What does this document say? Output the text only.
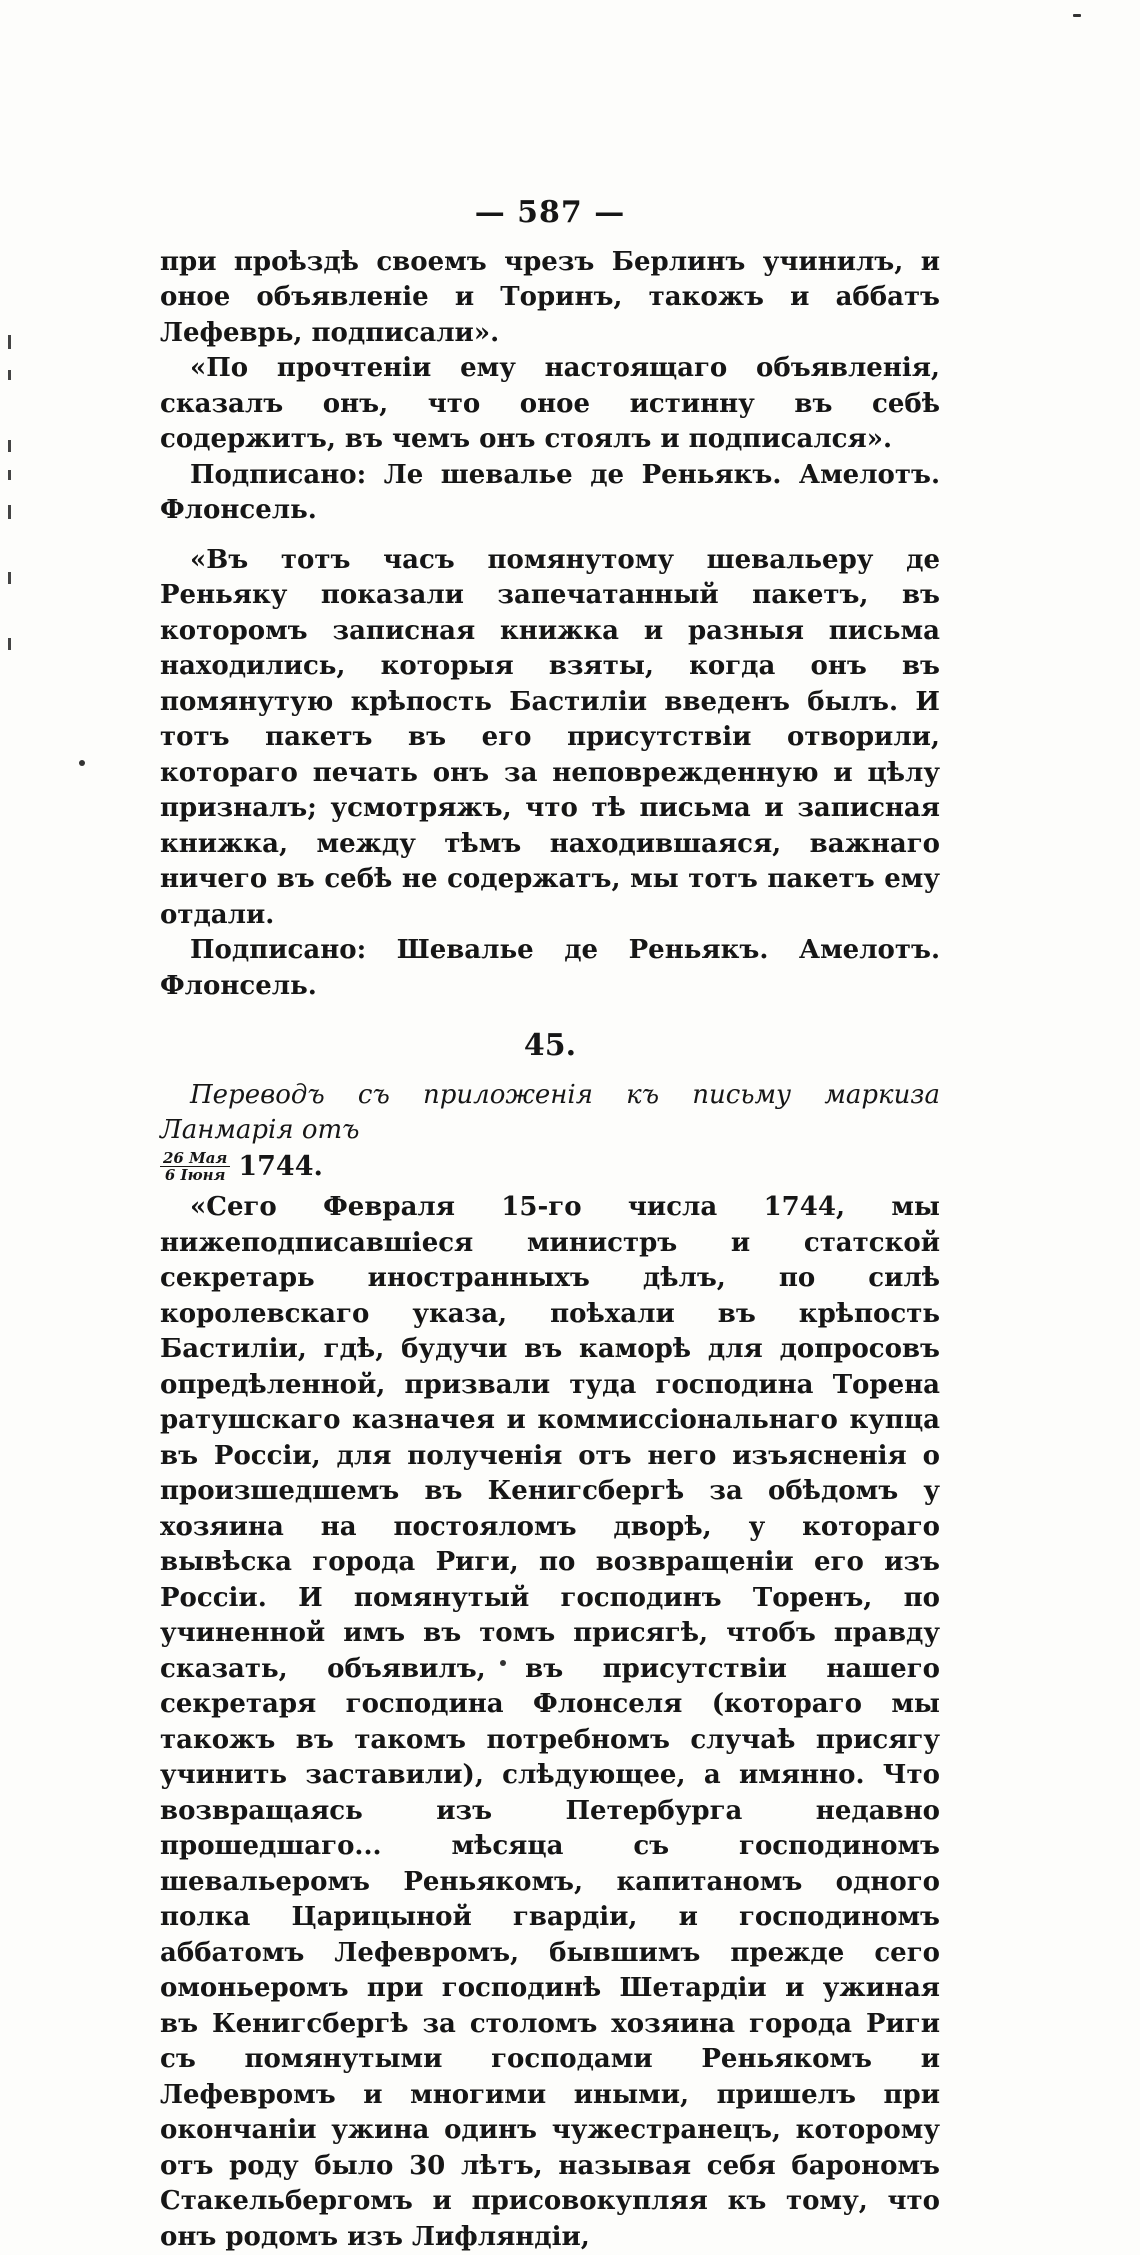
— 587 —

при проѣздѣ своемъ чрезъ Берлинъ учинилъ, и оное объявленіе и Торинъ, такожъ и аббатъ Лефеврь, подписали».

«По прочтеніи ему настоящаго объявленія, сказалъ онъ, что оное истинну въ себѣ содержитъ, въ чемъ онъ стоялъ и подписался».

Подписано: Ле шевалье де Реньякъ. Амелотъ. Флонсель.

«Въ тотъ часъ помянутому шевальеру де Реньяку показали запечатанный пакетъ, въ которомъ записная книжка и разныя письма находились, которыя взяты, когда онъ въ помянутую крѣпость Бастиліи введенъ былъ. И тотъ пакетъ въ его присутствіи отворили, котораго печать онъ за неповрежденную и цѣлу призналъ; усмотряжъ, что тѣ письма и записная книжка, между тѣмъ находившаяся, важнаго ничего въ себѣ не содержатъ, мы тотъ пакетъ ему отдали.

Подписано: Шевальe де Реньякъ. Амелотъ. Флонсель.

45.

Переводъ съ приложенія къ письму маркиза Ланмарія отъ

$\frac{\text{26 Мая}}{\text{6 Іюня}} 1744$.

«Сего Февраля 15-го числа 1744, мы нижеподписавшіеся министръ и статской секретарь иностранныхъ дѣлъ, по силѣ королевскаго указа, поѣхали въ крѣпость Бастиліи, гдѣ, будучи въ каморѣ для допросовъ опредѣленной, призвали туда господина Торена ратушскаго казначея и коммиссіональнаго купца въ Россіи, для полученія отъ него изъясненія о произшедшемъ въ Кенигсбергѣ за обѣдомъ у хозяина на постояломъ дворѣ, у котораго вывѣска города Риги, по возвращеніи его изъ Россіи. И помянутый господинъ Торенъ, по учиненной имъ въ томъ присягѣ, чтобъ правду сказать, объявилъ, въ присутствіи нашего секретаря господина Флонселя (котораго мы такожъ въ такомъ потребномъ случаѣ присягу учинить заставили), слѣдующее, а имянно. Что возвращаясь изъ Петербурга недавно прошедшаго... мѣсяца съ господиномъ шевальеромъ Реньякомъ, капитаномъ одного полка Царицыной гвардіи, и господиномъ аббатомъ Лефевромъ, бывшимъ прежде сего омоньеромъ при господинѣ Шетардіи и ужиная въ Кенигсбергѣ за столомъ хозяина города Риги съ помянутыми господами Реньякомъ и Лефевромъ и многими иными, пришелъ при окончаніи ужина одинъ чужестранецъ, которому отъ роду было 30 лѣтъ, называя себя барономъ Стакельбергомъ и присовокупляя къ тому, что онъ родомъ изъ Лифляндіи,
